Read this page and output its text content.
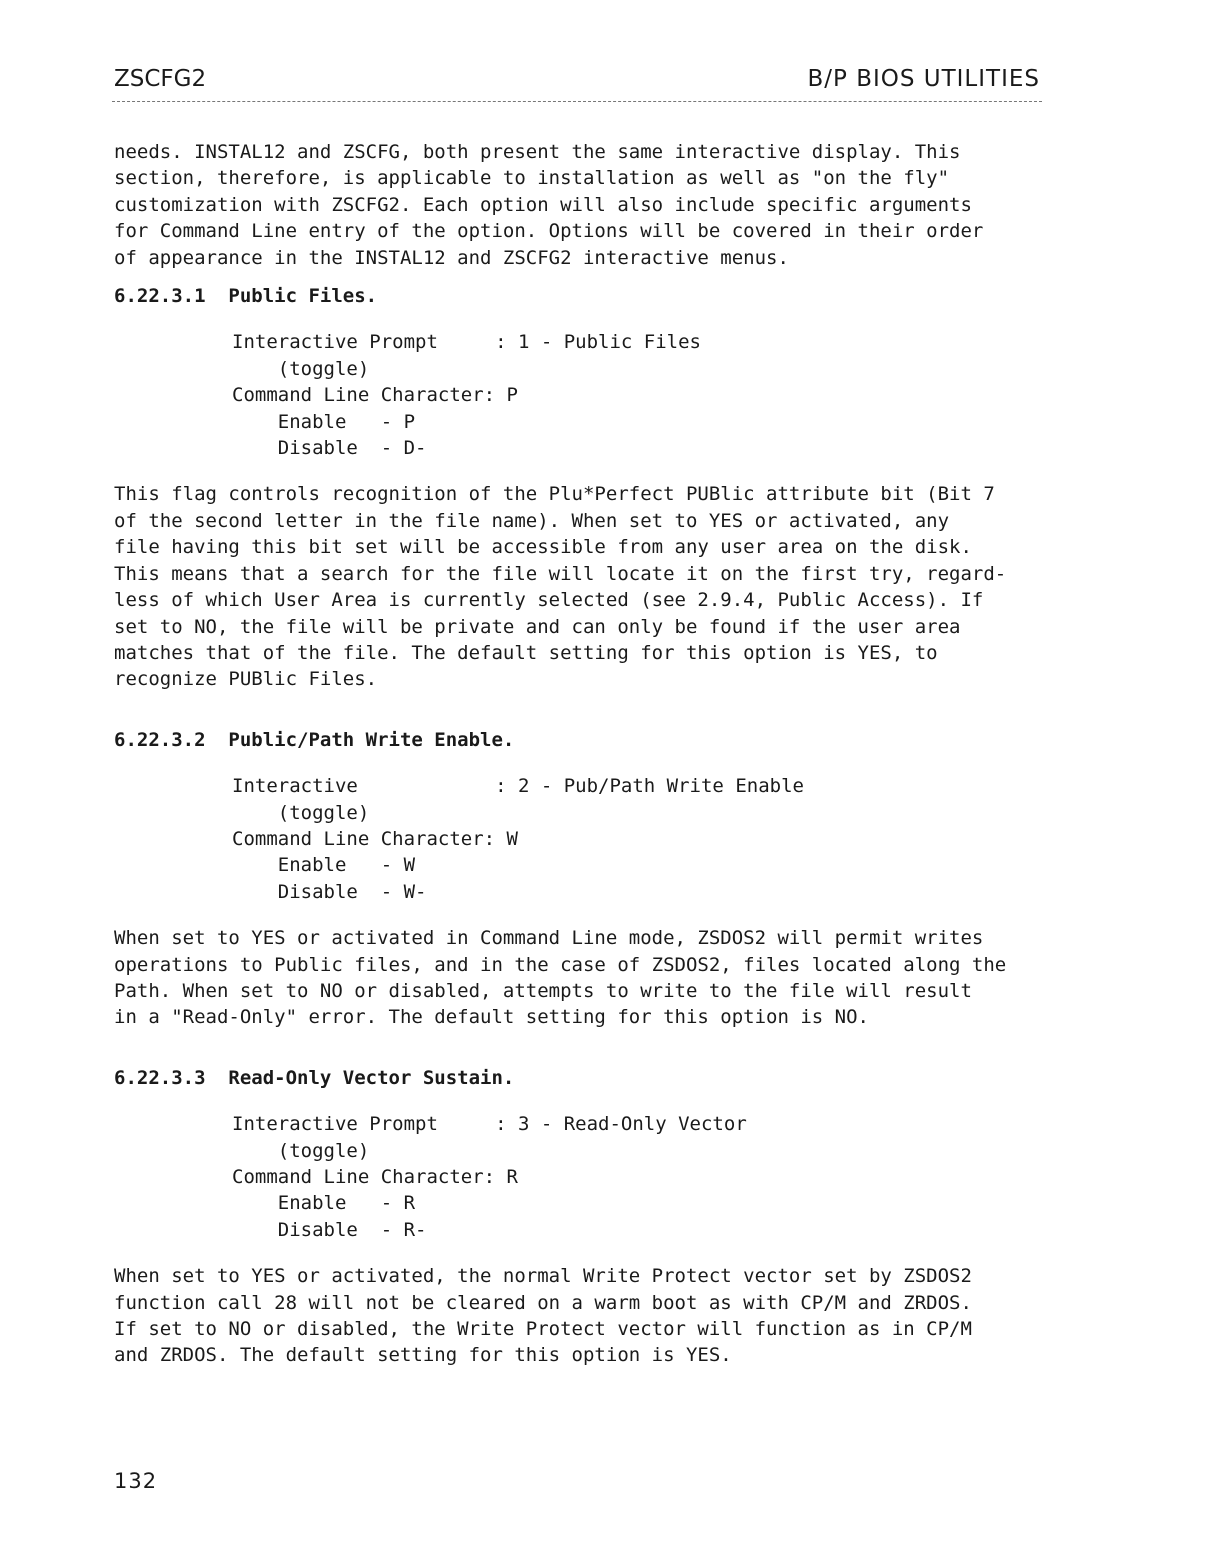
ZSCFG2	B/P BIOS UTILITIES
needs. INSTAL12 and ZSCFG, both present the same interactive display. This
section, therefore, is applicable to installation as well as "on the fly"
customization with ZSCFG2. Each option will also include specific arguments
for Command Line entry of the option. Options will be covered in their order
of appearance in the INSTAL12 and ZSCFG2 interactive menus.
6.22.3.1  Public Files.
Interactive Prompt     : 1 - Public Files
(toggle)
Command Line Character: P
Enable   - P
Disable  - D-
This flag controls recognition of the Plu*Perfect PUBlic attribute bit (Bit 7
of the second letter in the file name). When set to YES or activated, any
file having this bit set will be accessible from any user area on the disk.
This means that a search for the file will locate it on the first try, regard-
less of which User Area is currently selected (see 2.9.4, Public Access). If
set to NO, the file will be private and can only be found if the user area
matches that of the file. The default setting for this option is YES, to
recognize PUBlic Files.
6.22.3.2  Public/Path Write Enable.
Interactive            : 2 - Pub/Path Write Enable
(toggle)
Command Line Character: W
Enable   - W
Disable  - W-
When set to YES or activated in Command Line mode, ZSDOS2 will permit writes
operations to Public files, and in the case of ZSDOS2, files located along the
Path. When set to NO or disabled, attempts to write to the file will result
in a "Read-Only" error. The default setting for this option is NO.
6.22.3.3  Read-Only Vector Sustain.
Interactive Prompt     : 3 - Read-Only Vector
(toggle)
Command Line Character: R
Enable   - R
Disable  - R-
When set to YES or activated, the normal Write Protect vector set by ZSDOS2
function call 28 will not be cleared on a warm boot as with CP/M and ZRDOS.
If set to NO or disabled, the Write Protect vector will function as in CP/M
and ZRDOS. The default setting for this option is YES.
132
